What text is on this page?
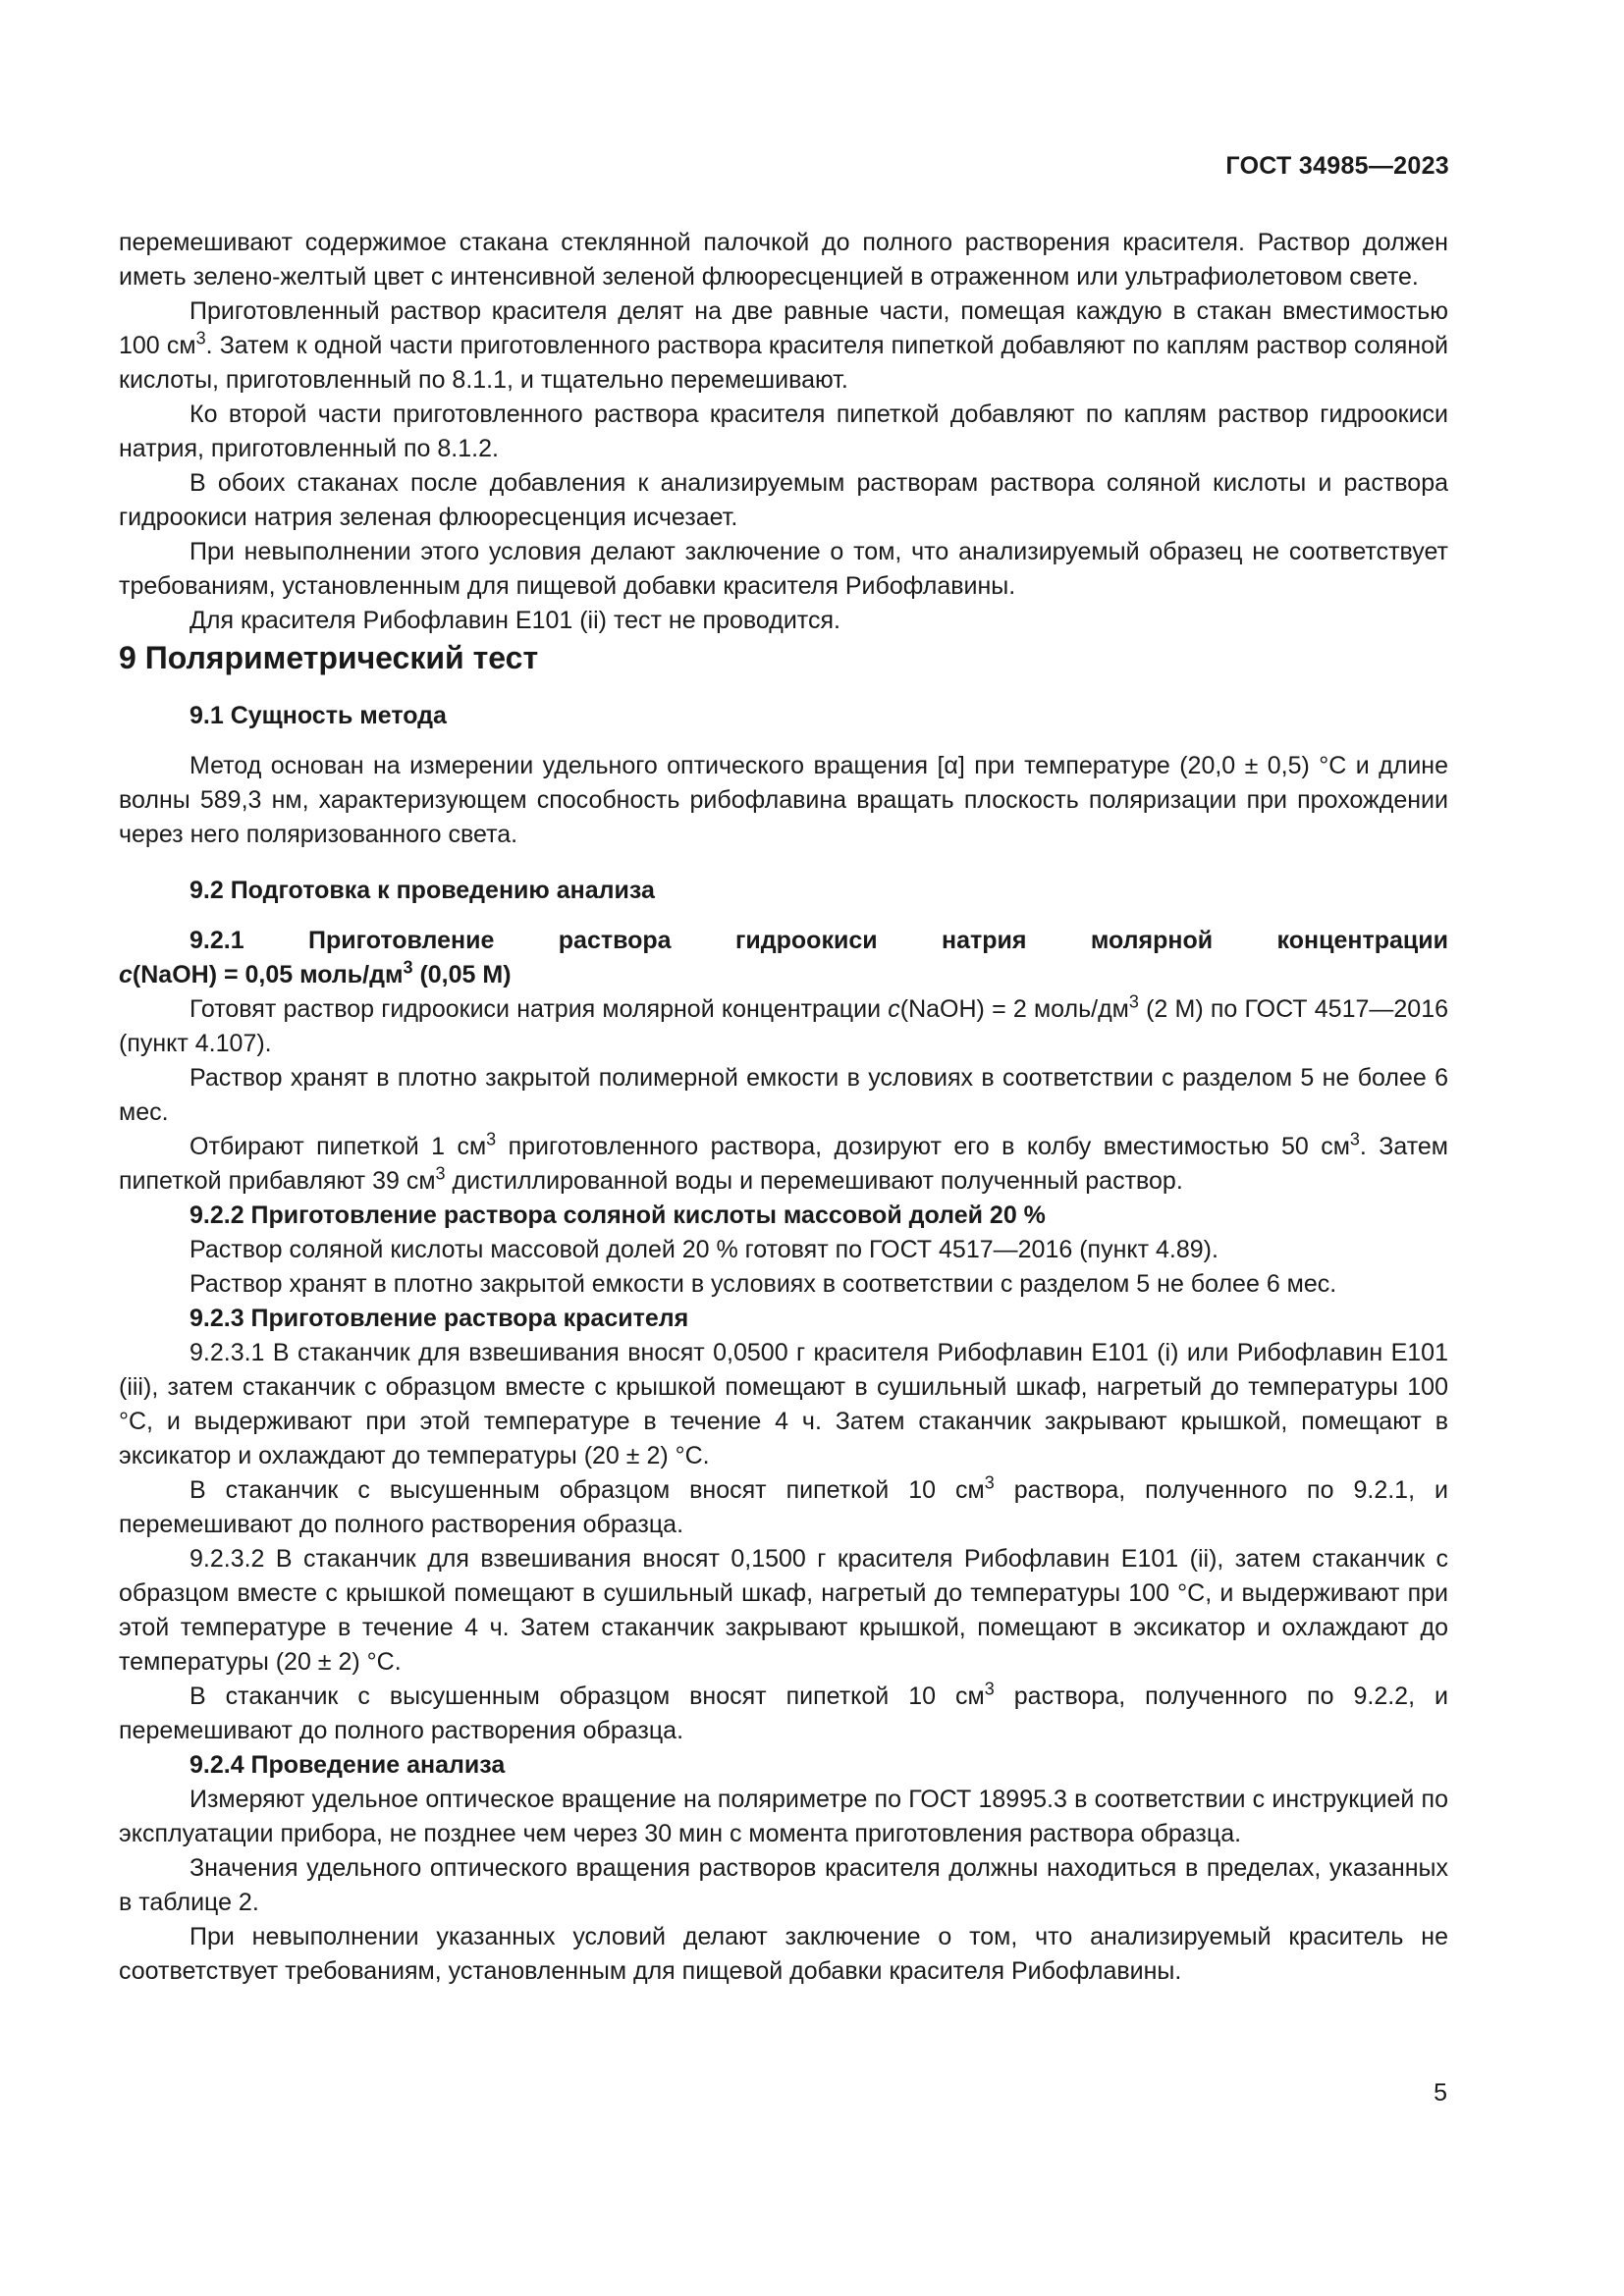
ГОСТ 34985—2023

перемешивают содержимое стакана стеклянной палочкой до полного растворения красителя. Раствор должен иметь зелено-желтый цвет с интенсивной зеленой флюоресценцией в отраженном или ультрафиолетовом свете.

Приготовленный раствор красителя делят на две равные части, помещая каждую в стакан вместимостью 100 $см^3$. Затем к одной части приготовленного раствора красителя пипеткой добавляют по каплям раствор соляной кислоты, приготовленный по 8.1.1, и тщательно перемешивают.

Ко второй части приготовленного раствора красителя пипеткой добавляют по каплям раствор гидроокиси натрия, приготовленный по 8.1.2.

В обоих стаканах после добавления к анализируемым растворам раствора соляной кислоты и раствора гидроокиси натрия зеленая флюоресценция исчезает.

При невыполнении этого условия делают заключение о том, что анализируемый образец не соответствует требованиям, установленным для пищевой добавки красителя Рибофлавины.

Для красителя Рибофлавин Е101 (ii) тест не проводится.

9 Поляриметрический тест

9.1 Сущность метода

Метод основан на измерении удельного оптического вращения [α] при температуре (20,0 ± 0,5) °С и длине волны 589,3 нм, характеризующем способность рибофлавина вращать плоскость поляризации при прохождении через него поляризованного света.

9.2 Подготовка к проведению анализа

9.2.1 Приготовление раствора гидроокиси натрия молярной концентрации

c(NaOH) = 0,05 моль/$дм^3$ (0,05 М)

Готовят раствор гидроокиси натрия молярной концентрации c(NaOH) = 2 моль/$дм^3$ (2 М) по ГОСТ 4517—2016 (пункт 4.107).

Раствор хранят в плотно закрытой полимерной емкости в условиях в соответствии с разделом 5 не более 6 мес.

Отбирают пипеткой 1 $см^3$ приготовленного раствора, дозируют его в колбу вместимостью 50 $см^3$. Затем пипеткой прибавляют 39 $см^3$ дистиллированной воды и перемешивают полученный раствор.

9.2.2 Приготовление раствора соляной кислоты массовой долей 20 %

Раствор соляной кислоты массовой долей 20 % готовят по ГОСТ 4517—2016 (пункт 4.89).

Раствор хранят в плотно закрытой емкости в условиях в соответствии с разделом 5 не более 6 мес.

9.2.3 Приготовление раствора красителя

9.2.3.1 В стаканчик для взвешивания вносят 0,0500 г красителя Рибофлавин Е101 (i) или Рибофлавин Е101 (iii), затем стаканчик с образцом вместе с крышкой помещают в сушильный шкаф, нагретый до температуры 100 °С, и выдерживают при этой температуре в течение 4 ч. Затем стаканчик закрывают крышкой, помещают в эксикатор и охлаждают до температуры (20 ± 2) °С.

В стаканчик с высушенным образцом вносят пипеткой 10 $см^3$ раствора, полученного по 9.2.1, и перемешивают до полного растворения образца.

9.2.3.2 В стаканчик для взвешивания вносят 0,1500 г красителя Рибофлавин Е101 (ii), затем стаканчик с образцом вместе с крышкой помещают в сушильный шкаф, нагретый до температуры 100 °С, и выдерживают при этой температуре в течение 4 ч. Затем стаканчик закрывают крышкой, помещают в эксикатор и охлаждают до температуры (20 ± 2) °С.

В стаканчик с высушенным образцом вносят пипеткой 10 $см^3$ раствора, полученного по 9.2.2, и перемешивают до полного растворения образца.

9.2.4 Проведение анализа

Измеряют удельное оптическое вращение на поляриметре по ГОСТ 18995.3 в соответствии с инструкцией по эксплуатации прибора, не позднее чем через 30 мин с момента приготовления раствора образца.

Значения удельного оптического вращения растворов красителя должны находиться в пределах, указанных в таблице 2.

При невыполнении указанных условий делают заключение о том, что анализируемый краситель не соответствует требованиям, установленным для пищевой добавки красителя Рибофлавины.

5
